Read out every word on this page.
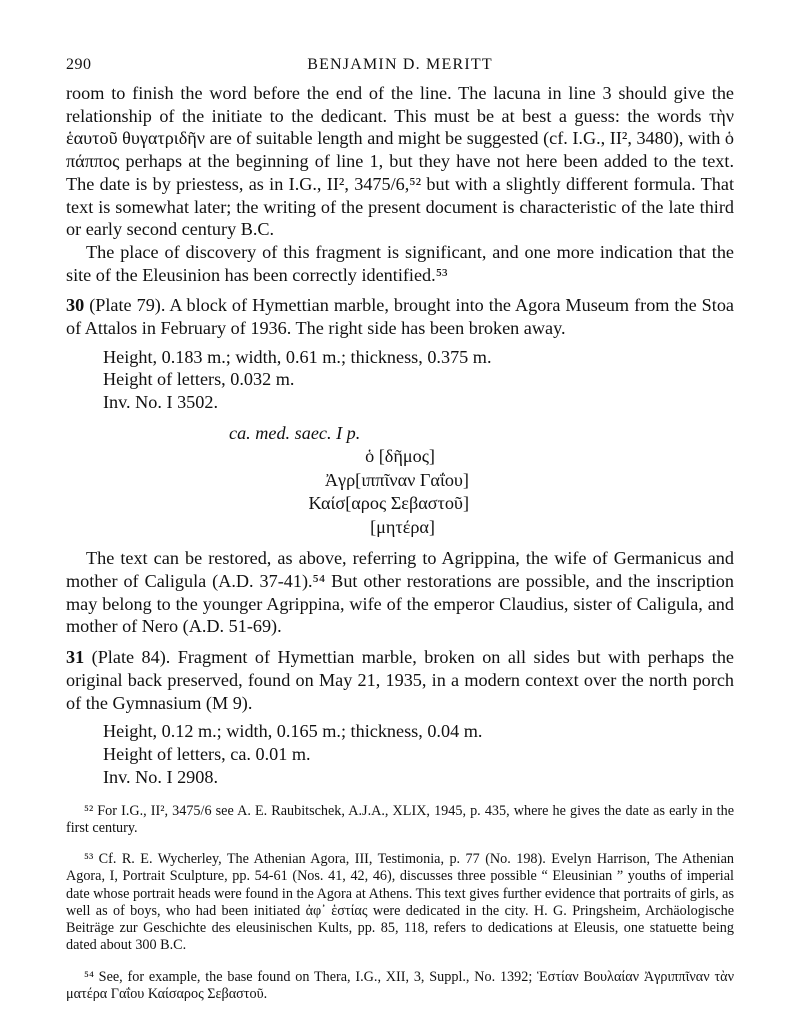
290	BENJAMIN D. MERITT

room to finish the word before the end of the line. The lacuna in line 3 should give the relationship of the initiate to the dedicant. This must be at best a guess: the words τὴν ἑαυτοῦ θυγατριδῆν are of suitable length and might be suggested (cf. I.G., II², 3480), with ὁ πάππος perhaps at the beginning of line 1, but they have not here been added to the text. The date is by priestess, as in I.G., II², 3475/6,⁵² but with a slightly different formula. That text is somewhat later; the writing of the present document is characteristic of the late third or early second century B.C.

The place of discovery of this fragment is significant, and one more indication that the site of the Eleusinion has been correctly identified.⁵³

30 (Plate 79). A block of Hymettian marble, brought into the Agora Museum from the Stoa of Attalos in February of 1936. The right side has been broken away.

Height, 0.183 m.; width, 0.61 m.; thickness, 0.375 m.
Height of letters, 0.032 m.
Inv. No. I 3502.
ca. med. saec. I p.
ὁ [δῆμος]
Ἀγρ[ιππῖναν Γαΐου]
Καίσ[αρος Σεβαστοῦ]
[μητέρα]

The text can be restored, as above, referring to Agrippina, the wife of Germanicus and mother of Caligula (A.D. 37-41).⁵⁴ But other restorations are possible, and the inscription may belong to the younger Agrippina, wife of the emperor Claudius, sister of Caligula, and mother of Nero (A.D. 51-69).

31 (Plate 84). Fragment of Hymettian marble, broken on all sides but with perhaps the original back preserved, found on May 21, 1935, in a modern context over the north porch of the Gymnasium (M 9).

Height, 0.12 m.; width, 0.165 m.; thickness, 0.04 m.
Height of letters, ca. 0.01 m.
Inv. No. I 2908.

⁵² For I.G., II², 3475/6 see A. E. Raubitschek, A.J.A., XLIX, 1945, p. 435, where he gives the date as early in the first century.

⁵³ Cf. R. E. Wycherley, The Athenian Agora, III, Testimonia, p. 77 (No. 198). Evelyn Harrison, The Athenian Agora, I, Portrait Sculpture, pp. 54-61 (Nos. 41, 42, 46), discusses three possible “ Eleusinian ” youths of imperial date whose portrait heads were found in the Agora at Athens. This text gives further evidence that portraits of girls, as well as of boys, who had been initiated ἀφ᾽ ἑστίας were dedicated in the city. H. G. Pringsheim, Archäologische Beiträge zur Geschichte des eleusinischen Kults, pp. 85, 118, refers to dedications at Eleusis, one statuette being dated about 300 B.C.

⁵⁴ See, for example, the base found on Thera, I.G., XII, 3, Suppl., No. 1392; Ἑστίαν Βουλαίαν Ἀγριππῖναν τὰν ματέρα Γαΐου Καίσαρος Σεβαστοῦ.
